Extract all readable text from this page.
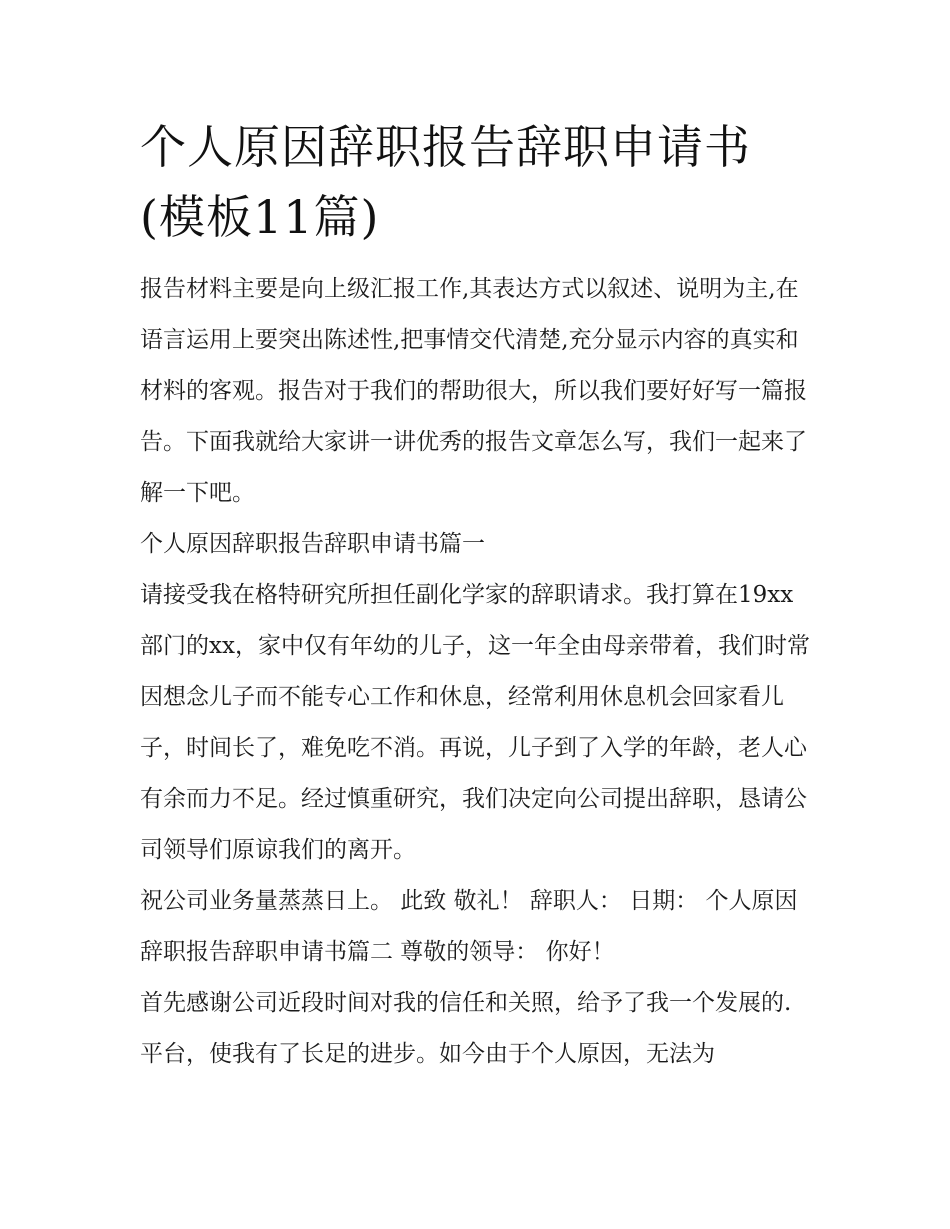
个人原因辞职报告辞职申请书(模板11篇)

报告材料主要是向上级汇报工作,其表达方式以叙述、说明为主,在语言运用上要突出陈述性,把事情交代清楚,充分显示内容的真实和材料的客观。报告对于我们的帮助很大，所以我们要好好写一篇报告。下面我就给大家讲一讲优秀的报告文章怎么写，我们一起来了解一下吧。

个人原因辞职报告辞职申请书篇一

请接受我在格特研究所担任副化学家的辞职请求。我打算在19xx部门的xx，家中仅有年幼的儿子，这一年全由母亲带着，我们时常因想念儿子而不能专心工作和休息，经常利用休息机会回家看儿子，时间长了，难免吃不消。再说，儿子到了入学的年龄，老人心有余而力不足。经过慎重研究，我们决定向公司提出辞职，恳请公司领导们原谅我们的离开。

祝公司业务量蒸蒸日上。 此致 敬礼！ 辞职人： 日期： 个人原因辞职报告辞职申请书篇二 尊敬的领导： 你好！

首先感谢公司近段时间对我的信任和关照，给予了我一个发展的.平台，使我有了长足的进步。如今由于个人原因，无法为
